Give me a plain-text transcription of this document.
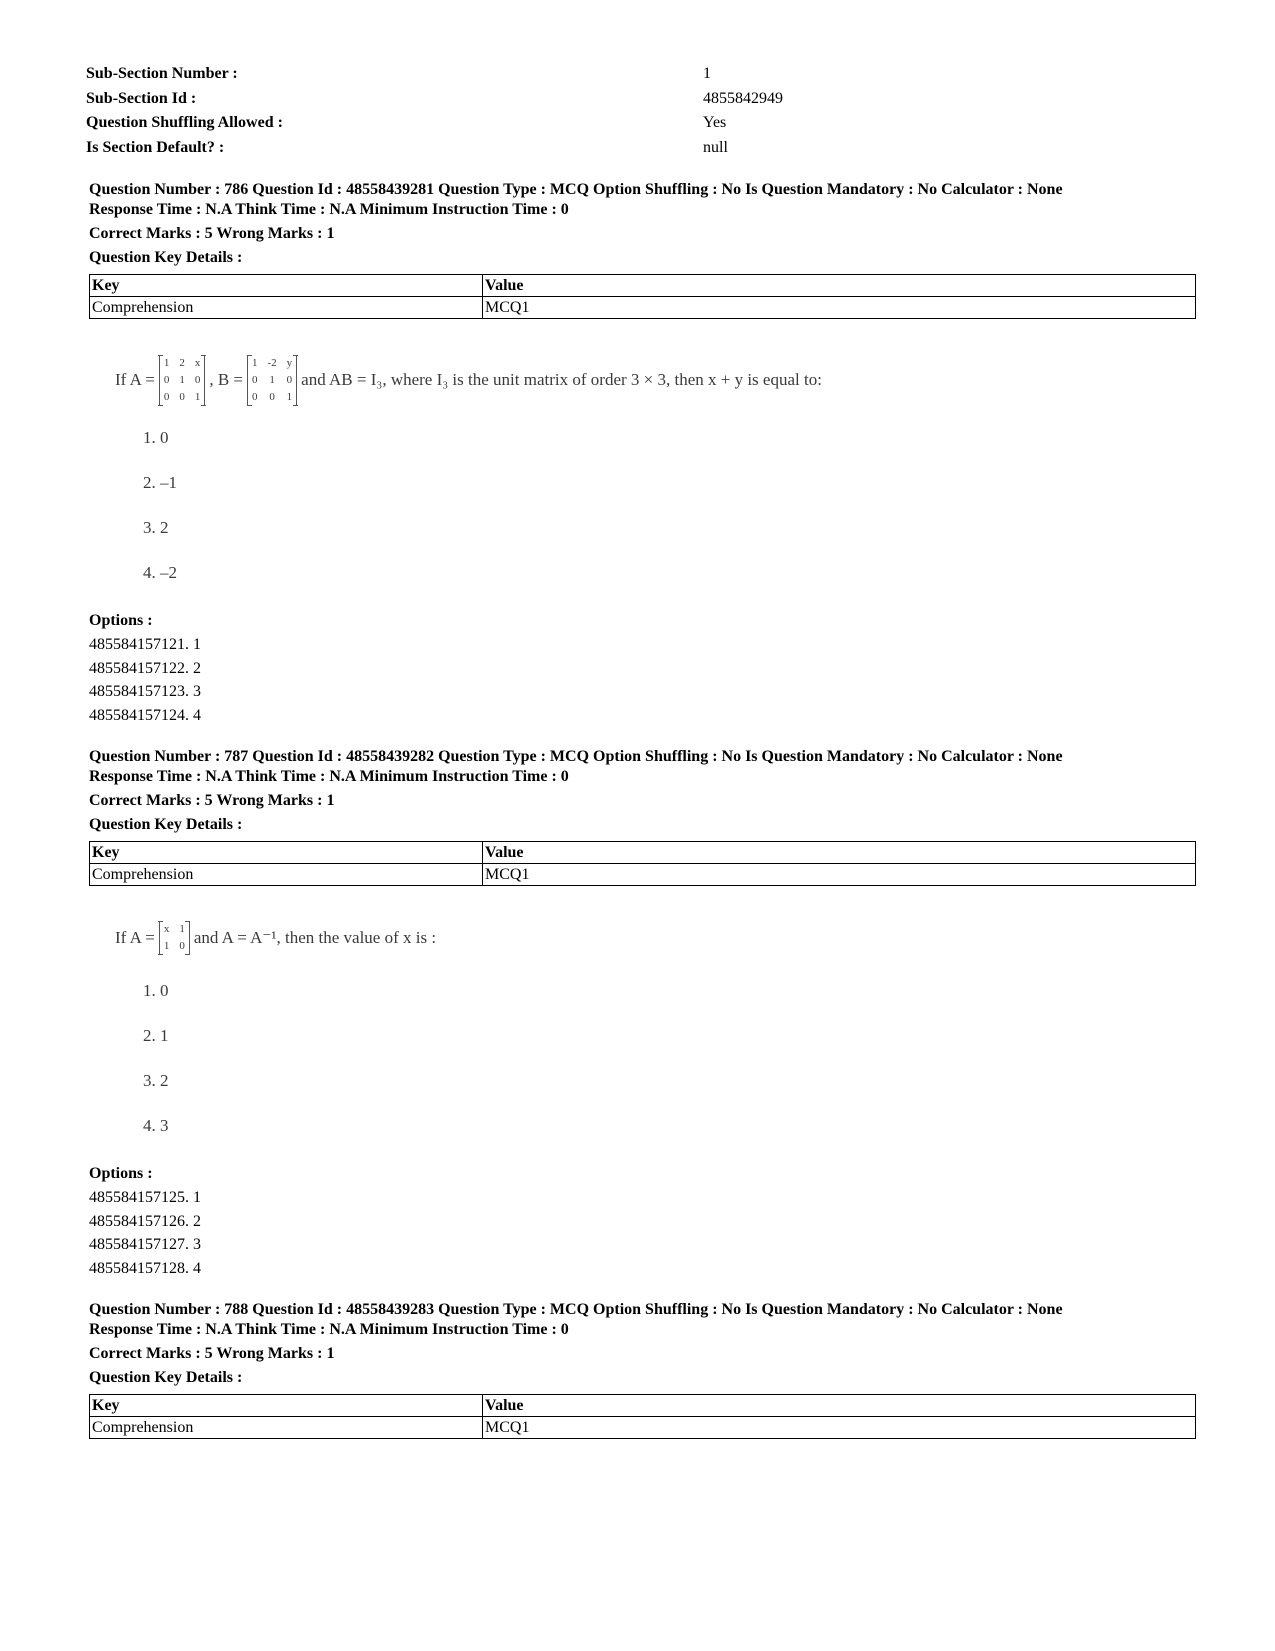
Sub-Section Number :	1
Sub-Section Id :	4855842949
Question Shuffling Allowed :	Yes
Is Section Default? :	null
Question Number : 786 Question Id : 48558439281 Question Type : MCQ Option Shuffling : No Is Question Mandatory : No Calculator : None
Response Time : N.A Think Time : N.A Minimum Instruction Time : 0
Correct Marks : 5 Wrong Marks : 1
Question Key Details :
Key	Value
Comprehension	MCQ1
If A =
1 2 x
0 1 0
0 0 1
, B =
1 -2 y
0 1 0
0 0 1
and AB = I₃, where I₃ is the unit matrix of order 3 × 3, then x + y is equal to:
1. 0
2. –1
3. 2
4. –2
Options :
485584157121. 1
485584157122. 2
485584157123. 3
485584157124. 4
Question Number : 787 Question Id : 48558439282 Question Type : MCQ Option Shuffling : No Is Question Mandatory : No Calculator : None
Response Time : N.A Think Time : N.A Minimum Instruction Time : 0
Correct Marks : 5 Wrong Marks : 1
Question Key Details :
Key	Value
Comprehension	MCQ1
If A = x 1
1 0 and A = A⁻¹, then the value of x is :
1. 0
2. 1
3. 2
4. 3
Options :
485584157125. 1
485584157126. 2
485584157127. 3
485584157128. 4
Question Number : 788 Question Id : 48558439283 Question Type : MCQ Option Shuffling : No Is Question Mandatory : No Calculator : None
Response Time : N.A Think Time : N.A Minimum Instruction Time : 0
Correct Marks : 5 Wrong Marks : 1
Question Key Details :
Key	Value
Comprehension	MCQ1
